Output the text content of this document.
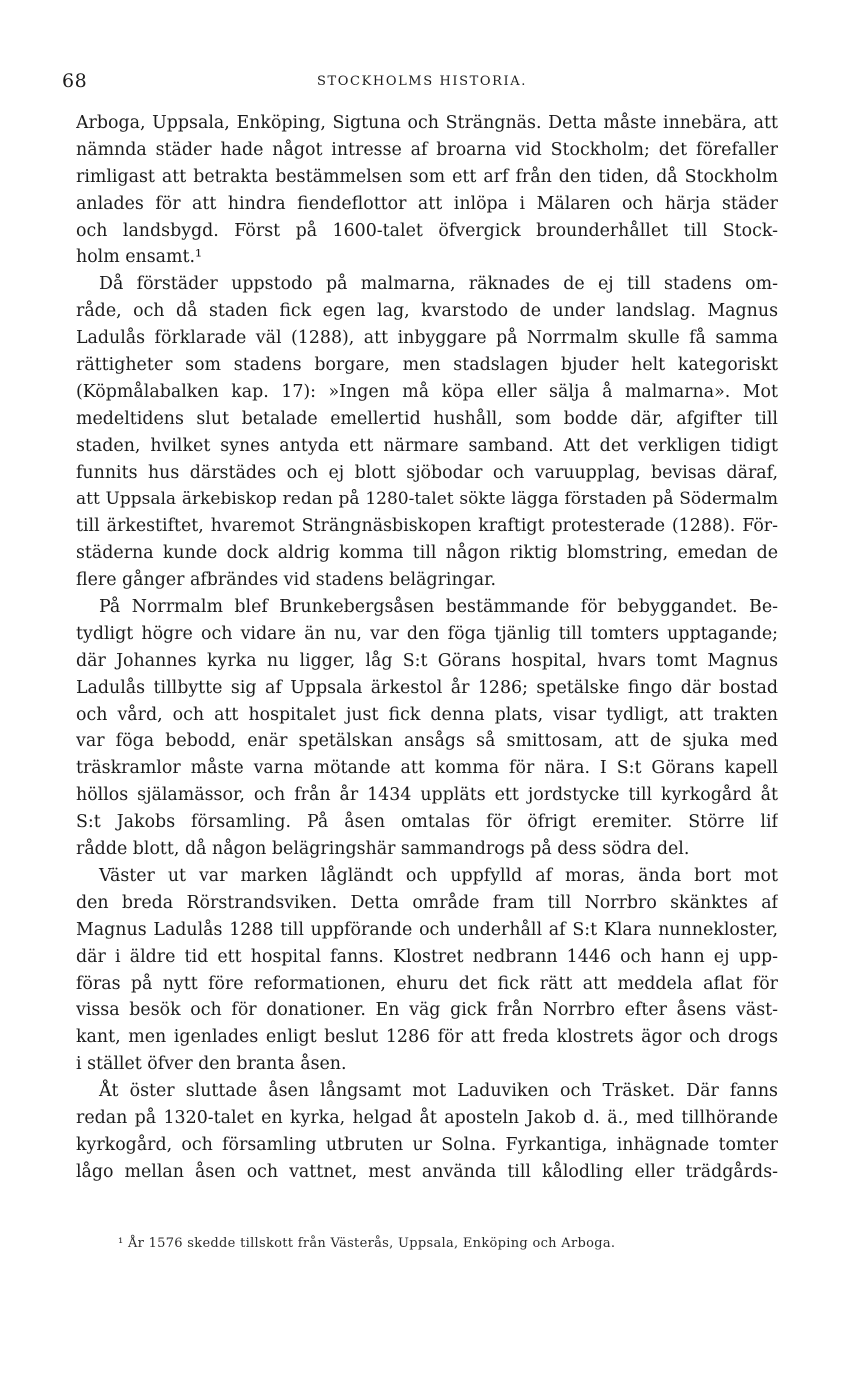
68	STOCKHOLMS HISTORIA.
Arboga, Uppsala, Enköping, Sigtuna och Strängnäs. Detta måste innebära, att
nämnda städer hade något intresse af broarna vid Stockholm; det förefaller
rimligast att betrakta bestämmelsen som ett arf från den tiden, då Stockholm
anlades för att hindra fiendeflottor att inlöpa i Mälaren och härja städer
och landsbygd. Först på 1600-talet öfvergick brounderhållet till Stock-
holm ensamt.¹
Då förstäder uppstodo på malmarna, räknades de ej till stadens om-
råde, och då staden fick egen lag, kvarstodo de under landslag. Magnus
Ladulås förklarade väl (1288), att inbyggare på Norrmalm skulle få samma
rättigheter som stadens borgare, men stadslagen bjuder helt kategoriskt
(Köpmålabalken kap. 17): »Ingen må köpa eller sälja å malmarna». Mot
medeltidens slut betalade emellertid hushåll, som bodde där, afgifter till
staden, hvilket synes antyda ett närmare samband. Att det verkligen tidigt
funnits hus därstädes och ej blott sjöbodar och varuupplag, bevisas däraf,
att Uppsala ärkebiskop redan på 1280-talet sökte lägga förstaden på Södermalm
till ärkestiftet, hvaremot Strängnäsbiskopen kraftigt protesterade (1288). För-
städerna kunde dock aldrig komma till någon riktig blomstring, emedan de
flere gånger afbrändes vid stadens belägringar.
På Norrmalm blef Brunkebergsåsen bestämmande för bebyggandet. Be-
tydligt högre och vidare än nu, var den föga tjänlig till tomters upptagande;
där Johannes kyrka nu ligger, låg S:t Görans hospital, hvars tomt Magnus
Ladulås tillbytte sig af Uppsala ärkestol år 1286; spetälske fingo där bostad
och vård, och att hospitalet just fick denna plats, visar tydligt, att trakten
var föga bebodd, enär spetälskan ansågs så smittosam, att de sjuka med
träskramlor måste varna mötande att komma för nära. I S:t Görans kapell
höllos själamässor, och från år 1434 uppläts ett jordstycke till kyrkogård åt
S:t Jakobs församling. På åsen omtalas för öfrigt eremiter. Större lif
rådde blott, då någon belägringshär sammandrogs på dess södra del.
Väster ut var marken lågländt och uppfylld af moras, ända bort mot
den breda Rörstrandsviken. Detta område fram till Norrbro skänktes af
Magnus Ladulås 1288 till uppförande och underhåll af S:t Klara nunnekloster,
där i äldre tid ett hospital fanns. Klostret nedbrann 1446 och hann ej upp-
föras på nytt före reformationen, ehuru det fick rätt att meddela aflat för
vissa besök och för donationer. En väg gick från Norrbro efter åsens väst-
kant, men igenlades enligt beslut 1286 för att freda klostrets ägor och drogs
i stället öfver den branta åsen.
Åt öster sluttade åsen långsamt mot Laduviken och Träsket. Där fanns
redan på 1320-talet en kyrka, helgad åt aposteln Jakob d. ä., med tillhörande
kyrkogård, och församling utbruten ur Solna. Fyrkantiga, inhägnade tomter
lågo mellan åsen och vattnet, mest använda till kålodling eller trädgårds-
¹ År 1576 skedde tillskott från Västerås, Uppsala, Enköping och Arboga.
